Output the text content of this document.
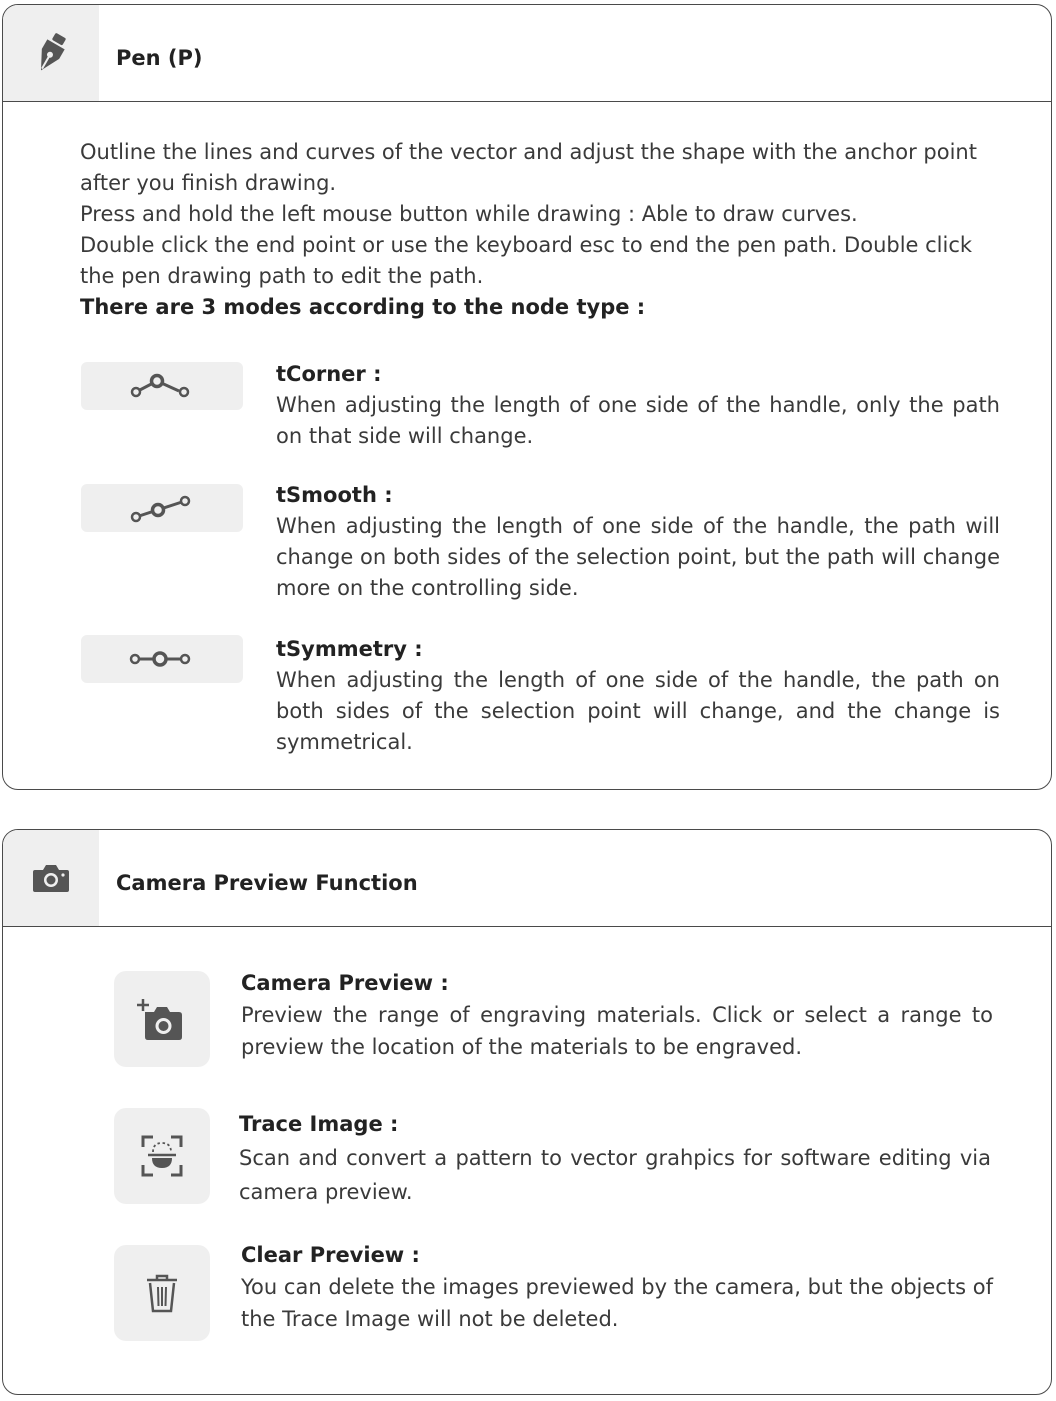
Pen (P)

Outline the lines and curves of the vector and adjust the shape with the anchor point after you finish drawing.

Press and hold the left mouse button while drawing : Able to draw curves.

Double click the end point or use the keyboard esc to end the pen path. Double click the pen drawing path to edit the path.

There are 3 modes according to the node type :

tCorner :
When adjusting the length of one side of the handle, only the path on that side will change.
tSmooth :
When adjusting the length of one side of the handle, the path will change on both sides of the selection point, but the path will change more on the controlling side.
tSymmetry :
When adjusting the length of one side of the handle, the path on both sides of the selection point will change, and the change is symmetrical.
Camera Preview Function
Camera Preview :
Preview the range of engraving materials. Click or select a range to preview the location of the materials to be engraved.
Trace Image :
Scan and convert a pattern to vector grahpics for software editing via camera preview.
Clear Preview :
You can delete the images previewed by the camera, but the objects of the Trace Image will not be deleted.
